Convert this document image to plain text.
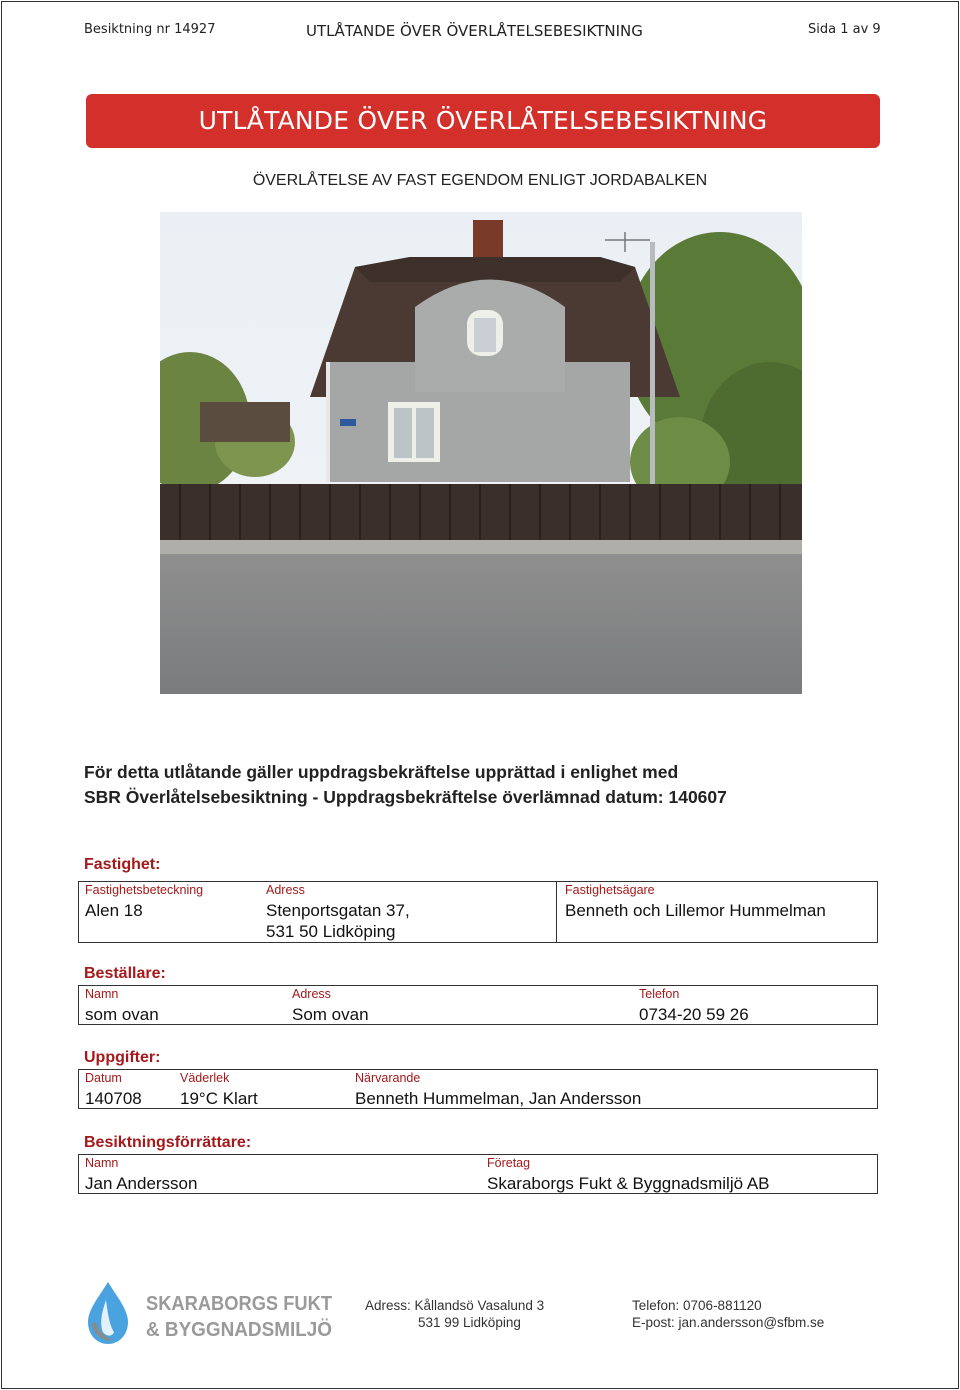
Besiktning nr 14927	UTLÅTANDE ÖVER ÖVERLÅTELSEBESIKTNING	Sida 1 av 9
UTLÅTANDE ÖVER ÖVERLÅTELSEBESIKTNING
ÖVERLÅTELSE AV FAST EGENDOM ENLIGT JORDABALKEN
För detta utlåtande gäller uppdragsbekräftelse upprättad i enlighet med
SBR Överlåtelsebesiktning - Uppdragsbekräftelse överlämnad datum: 140607
Fastighet:
Fastighetsbeteckning
Alen 18
Adress
Stenportsgatan 37,
531 50 Lidköping
Fastighetsägare
Benneth och Lillemor Hummelman
Beställare:
Namn
som ovan
Adress
Som ovan
Telefon
0734-20 59 26
Uppgifter:
Datum
140708
Väderlek
19°C Klart
Närvarande
Benneth Hummelman, Jan Andersson
Besiktningsförrättare:
Namn
Jan Andersson
Företag
Skaraborgs Fukt & Byggnadsmiljö AB
SKARABORGS FUKT
& BYGGNADSMILJÖ
Adress: Kållandsö Vasalund 3
531 99 Lidköping
Telefon: 0706-881120
E-post: jan.andersson@sfbm.se
